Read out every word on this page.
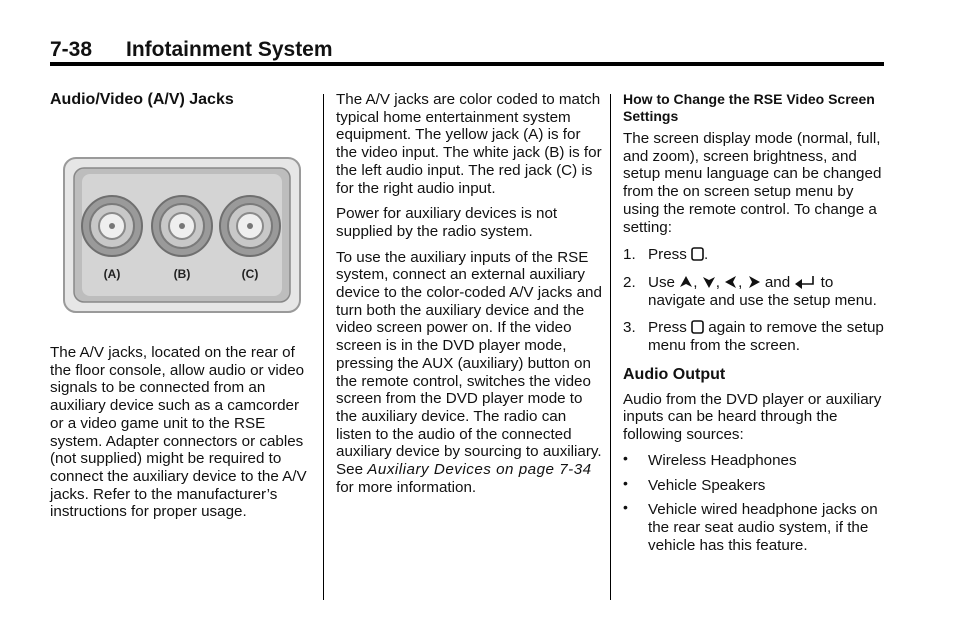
7-38 Infotainment System
Audio/Video (A/V) Jacks
(A)	(B)	(C)

The A/V jacks, located on the rear of the floor console, allow audio or video signals to be connected from an auxiliary device such as a camcorder or a video game unit to the RSE system. Adapter connectors or cables (not supplied) might be required to connect the auxiliary device to the A/V jacks. Refer to the manufacturer’s instructions for proper usage.

The A/V jacks are color coded to match typical home entertainment system equipment. The yellow jack (A) is for the video input. The white jack (B) is for the left audio input. The red jack (C) is for the right audio input.

Power for auxiliary devices is not supplied by the radio system.

To use the auxiliary inputs of the RSE system, connect an external auxiliary device to the color-coded A/V jacks and turn both the auxiliary device and the video screen power on. If the video screen is in the DVD player mode, pressing the AUX (auxiliary) button on the remote control, switches the video screen from the DVD player mode to the auxiliary device. The radio can listen to the audio of the connected auxiliary device by sourcing to auxiliary. See Auxiliary Devices on page 7-34 for more information.

How to Change the RSE Video Screen Settings

The screen display mode (normal, full, and zoom), screen brightness, and setup menu language can be changed from the on screen setup menu by using the remote control. To change a setting:

1. Press .
2. Use , , ,  and  to navigate and use the setup menu.
3. Press  again to remove the setup menu from the screen.
Audio Output

Audio from the DVD player or auxiliary inputs can be heard through the following sources:

• Wireless Headphones
• Vehicle Speakers
• Vehicle wired headphone jacks on the rear seat audio system, if the vehicle has this feature.
